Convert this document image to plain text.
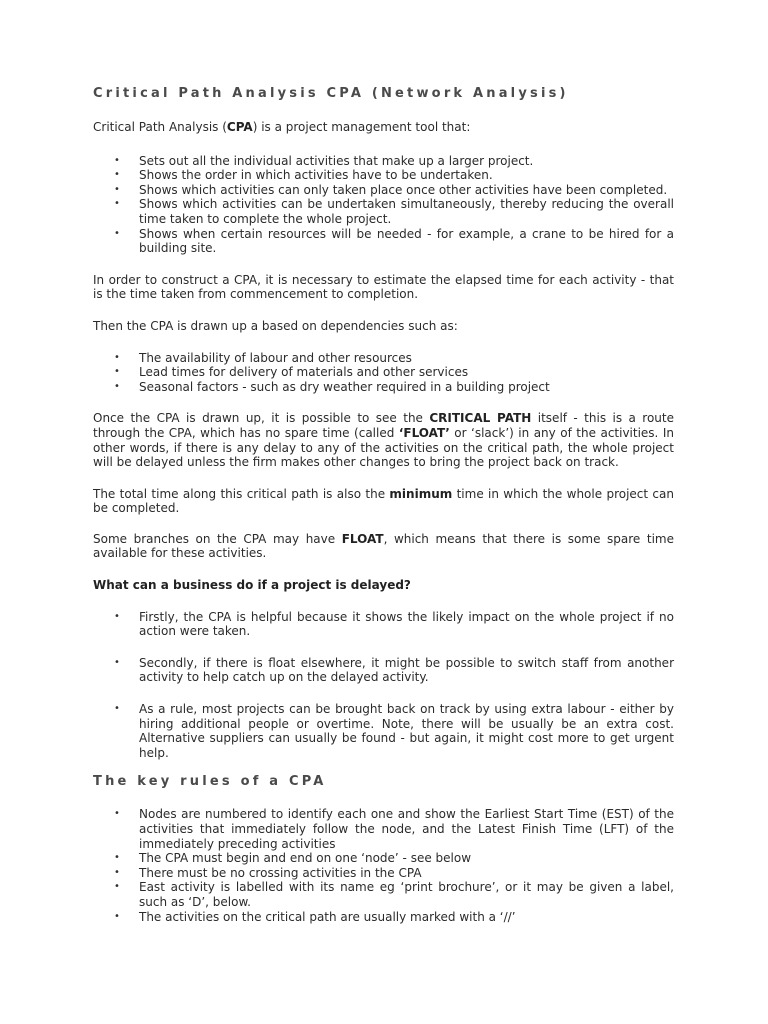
Critical Path Analysis CPA (Network Analysis)

Critical Path Analysis (CPA) is a project management tool that:

• Sets out all the individual activities that make up a larger project.
• Shows the order in which activities have to be undertaken.
• Shows which activities can only taken place once other activities have been completed.
• Shows which activities can be undertaken simultaneously, thereby reducing the overall time taken to complete the whole project.
• Shows when certain resources will be needed - for example, a crane to be hired for a building site.

In order to construct a CPA, it is necessary to estimate the elapsed time for each activity - that is the time taken from commencement to completion.

Then the CPA is drawn up a based on dependencies such as:

• The availability of labour and other resources
• Lead times for delivery of materials and other services
• Seasonal factors - such as dry weather required in a building project

Once the CPA is drawn up, it is possible to see the CRITICAL PATH itself - this is a route through the CPA, which has no spare time (called ‘FLOAT’ or ‘slack’) in any of the activities. In other words, if there is any delay to any of the activities on the critical path, the whole project will be delayed unless the firm makes other changes to bring the project back on track.

The total time along this critical path is also the minimum time in which the whole project can be completed.

Some branches on the CPA may have FLOAT, which means that there is some spare time available for these activities.

What can a business do if a project is delayed?

• Firstly, the CPA is helpful because it shows the likely impact on the whole project if no action were taken.
• Secondly, if there is float elsewhere, it might be possible to switch staff from another activity to help catch up on the delayed activity.
• As a rule, most projects can be brought back on track by using extra labour - either by hiring additional people or overtime. Note, there will be usually be an extra cost. Alternative suppliers can usually be found - but again, it might cost more to get urgent help.
The key rules of a CPA
• Nodes are numbered to identify each one and show the Earliest Start Time (EST) of the activities that immediately follow the node, and the Latest Finish Time (LFT) of the immediately preceding activities
• The CPA must begin and end on one ‘node’ - see below
• There must be no crossing activities in the CPA
• East activity is labelled with its name eg ‘print brochure’, or it may be given a label, such as ‘D’, below.
• The activities on the critical path are usually marked with a ‘//’
